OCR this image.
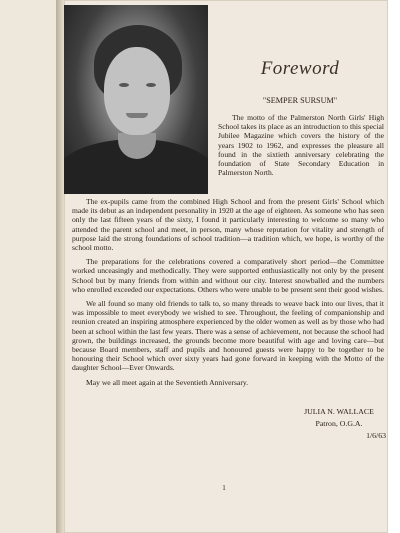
Foreword
"SEMPER SURSUM"

The motto of the Palmerston North Girls' High School takes its place as an introduction to this special Jubilee Magazine which covers the history of the years 1902 to 1962, and expresses the pleasure all found in the sixtieth anniversary celebrating the foundation of State Secondary Education in Palmerston North.

The ex-pupils came from the combined High School and from the present Girls' School which made its debut as an independent personality in 1920 at the age of eighteen. As someone who has seen only the last fifteen years of the sixty, I found it particularly interesting to welcome so many who attended the parent school and meet, in person, many whose reputation for vitality and strength of purpose laid the strong foundations of school tradition—a tradition which, we hope, is worthy of the school motto.

The preparations for the celebrations covered a comparatively short period—the Committee worked unceasingly and methodically. They were supported enthusiastically not only by the present School but by many friends from within and without our city. Interest snowballed and the numbers who enrolled exceeded our expectations. Others who were unable to be present sent their good wishes.

We all found so many old friends to talk to, so many threads to weave back into our lives, that it was impossible to meet everybody we wished to see. Throughout, the feeling of companionship and reunion created an inspiring atmosphere experienced by the older women as well as by those who had been at school within the last few years. There was a sense of achievement, not because the school had grown, the buildings increased, the grounds become more beautiful with age and loving care—but because Board members, staff and pupils and honoured guests were happy to be together to be honouring their School which over sixty years had gone forward in keeping with the Motto of the daughter School—Ever Onwards.

May we all meet again at the Seventieth Anniversary.

JULIA N. WALLACE
Patron, O.G.A.
1/6/63
1
